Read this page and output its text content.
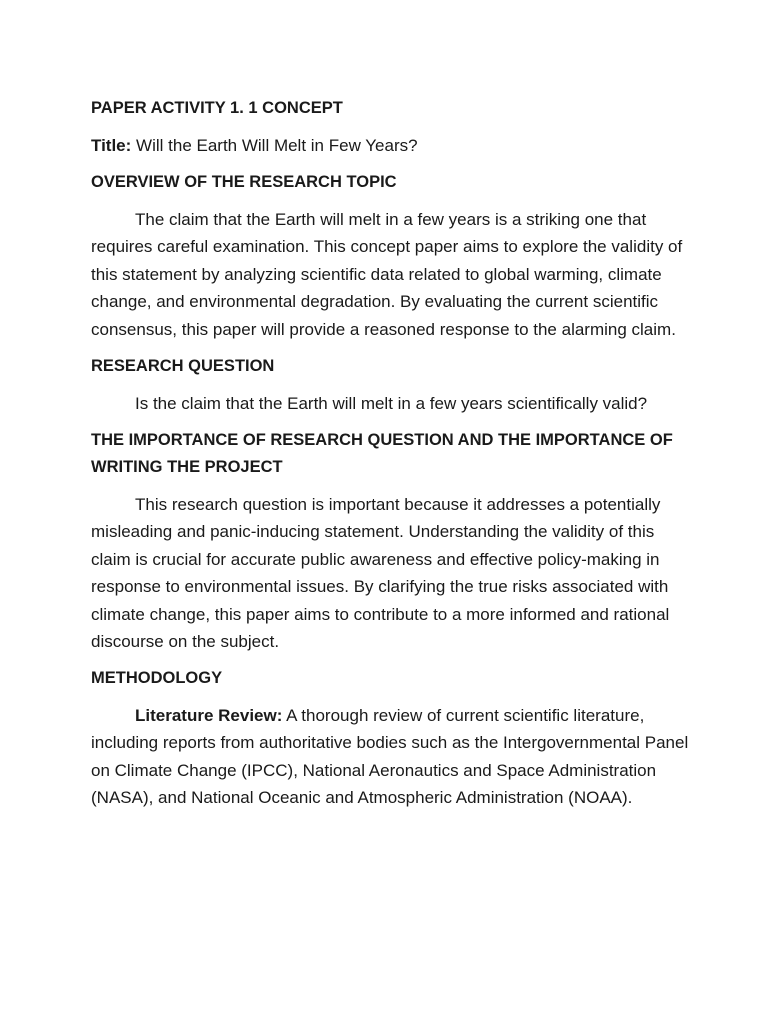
PAPER ACTIVITY 1. 1 CONCEPT

Title: Will the Earth Will Melt in Few Years?

OVERVIEW OF THE RESEARCH TOPIC

The claim that the Earth will melt in a few years is a striking one that requires careful examination. This concept paper aims to explore the validity of this statement by analyzing scientific data related to global warming, climate change, and environmental degradation. By evaluating the current scientific consensus, this paper will provide a reasoned response to the alarming claim.

RESEARCH QUESTION

Is the claim that the Earth will melt in a few years scientifically valid?

THE IMPORTANCE OF RESEARCH QUESTION AND THE IMPORTANCE OF WRITING THE PROJECT

This research question is important because it addresses a potentially misleading and panic-inducing statement. Understanding the validity of this claim is crucial for accurate public awareness and effective policy-making in response to environmental issues. By clarifying the true risks associated with climate change, this paper aims to contribute to a more informed and rational discourse on the subject.

METHODOLOGY

Literature Review: A thorough review of current scientific literature, including reports from authoritative bodies such as the Intergovernmental Panel on Climate Change (IPCC), National Aeronautics and Space Administration (NASA), and National Oceanic and Atmospheric Administration (NOAA).
